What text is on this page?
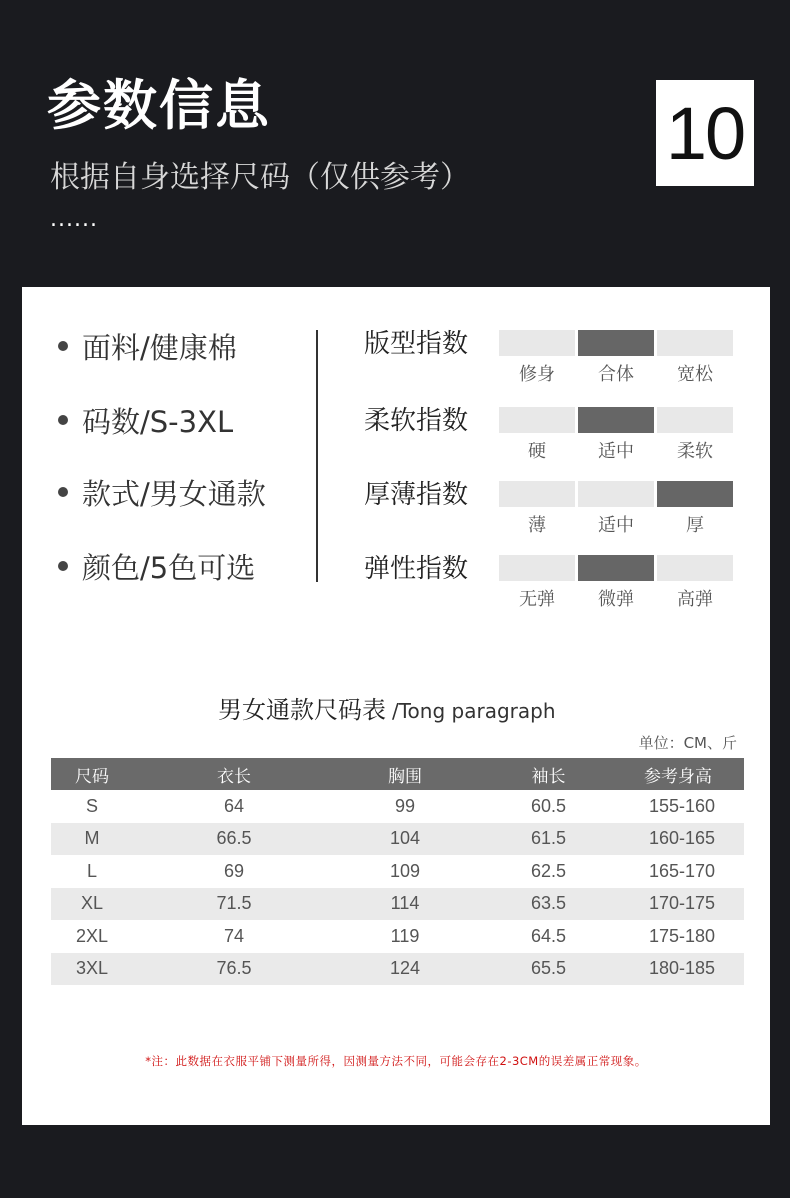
参数信息
根据自身选择尺码（仅供参考）
......
10
面料/健康棉
码数/S-3XL
款式/男女通款
颜色/5色可选
版型指数
柔软指数
厚薄指数
弹性指数
修身	合体	宽松
硬	适中	柔软
薄	适中	厚
无弹	微弹	高弹
男女通款尺码表 /Tong paragraph
单位：CM、斤
尺码	衣长	胸围	袖长	参考身高
S	64	99	60.5	155-160
M	66.5	104	61.5	160-165
L	69	109	62.5	165-170
XL	71.5	114	63.5	170-175
2XL	74	119	64.5	175-180
3XL	76.5	124	65.5	180-185
*注：此数据在衣服平铺下测量所得，因测量方法不同，可能会存在2-3CM的误差属正常现象。
